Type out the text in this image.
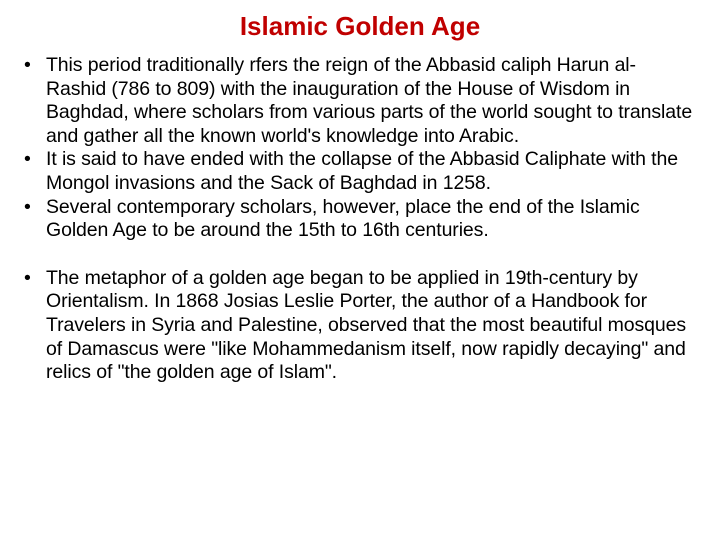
Islamic Golden Age
• This period traditionally rfers the reign of the Abbasid caliph Harun al-Rashid (786 to 809) with the inauguration of the House of Wisdom in Baghdad, where scholars from various parts of the world sought to translate and gather all the known world's knowledge into Arabic.
• It is said to have ended with the collapse of the Abbasid Caliphate with the Mongol invasions and the Sack of Baghdad in 1258.
• Several contemporary scholars, however, place the end of the Islamic Golden Age to be around the 15th to 16th centuries.
• The metaphor of a golden age began to be applied in 19th-century by Orientalism. In 1868 Josias Leslie Porter, the author of a Handbook for Travelers in Syria and Palestine, observed that the most beautiful mosques of Damascus were "like Mohammedanism itself, now rapidly decaying" and relics of "the golden age of Islam".
